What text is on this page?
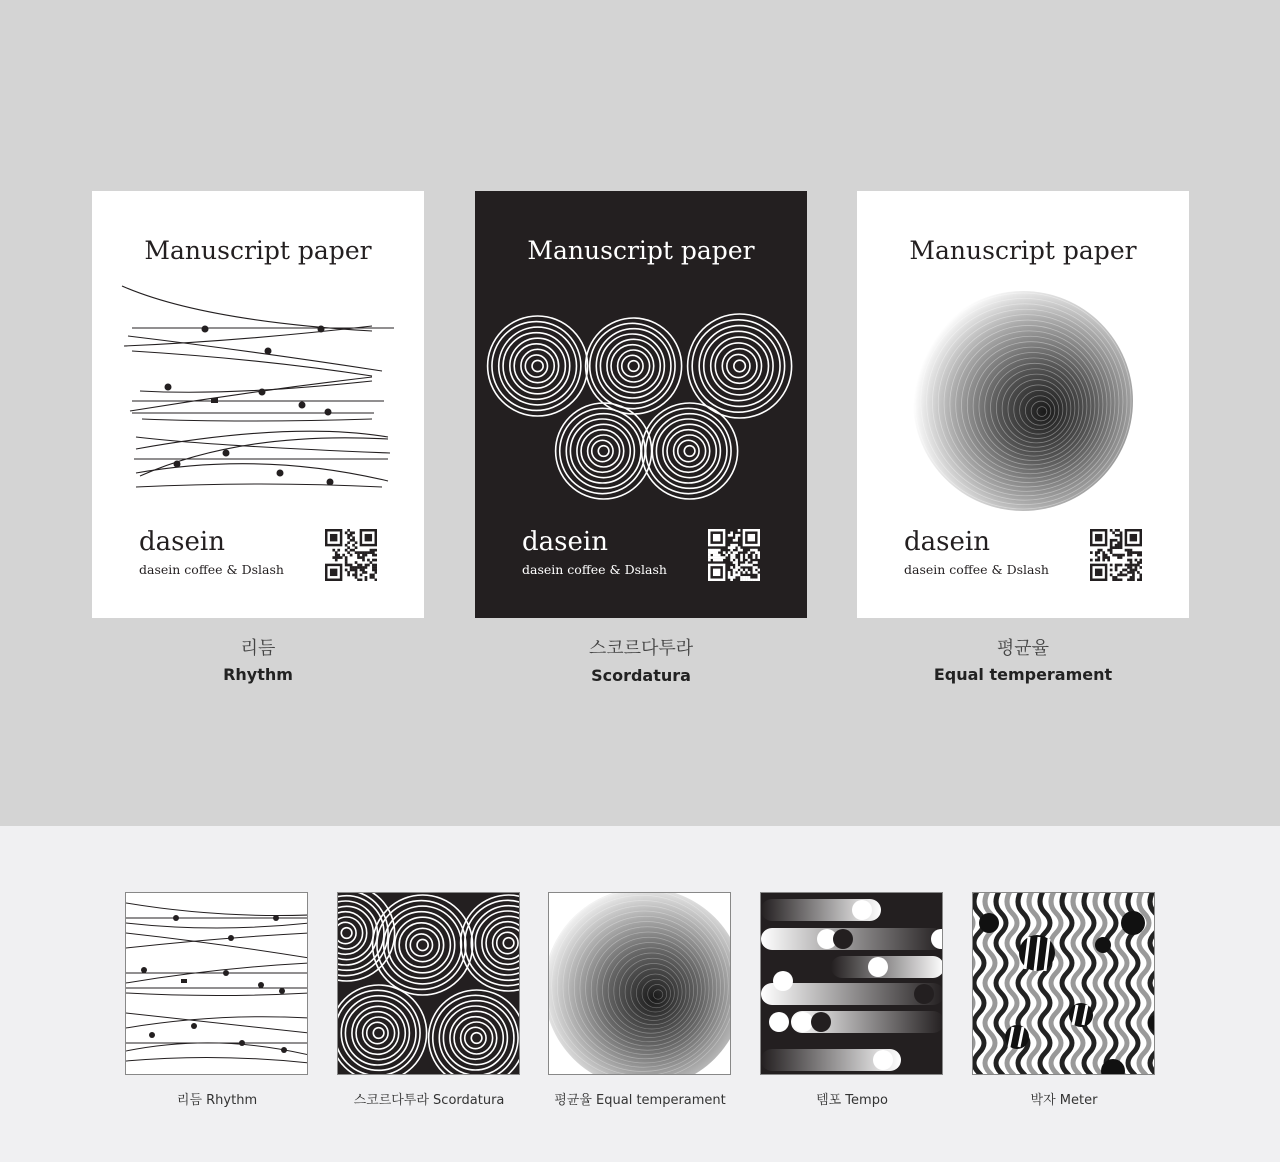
Manuscript paper
dasein
dasein coffee & Dslash
Manuscript paper
dasein
dasein coffee & Dslash
Manuscript paper
dasein
dasein coffee & Dslash
리듬
Rhythm
스코르다투라
Scordatura
평균율
Equal temperament
리듬 Rhythm	스코르다투라 Scordatura	평균율 Equal temperament	템포 Tempo	박자 Meter
